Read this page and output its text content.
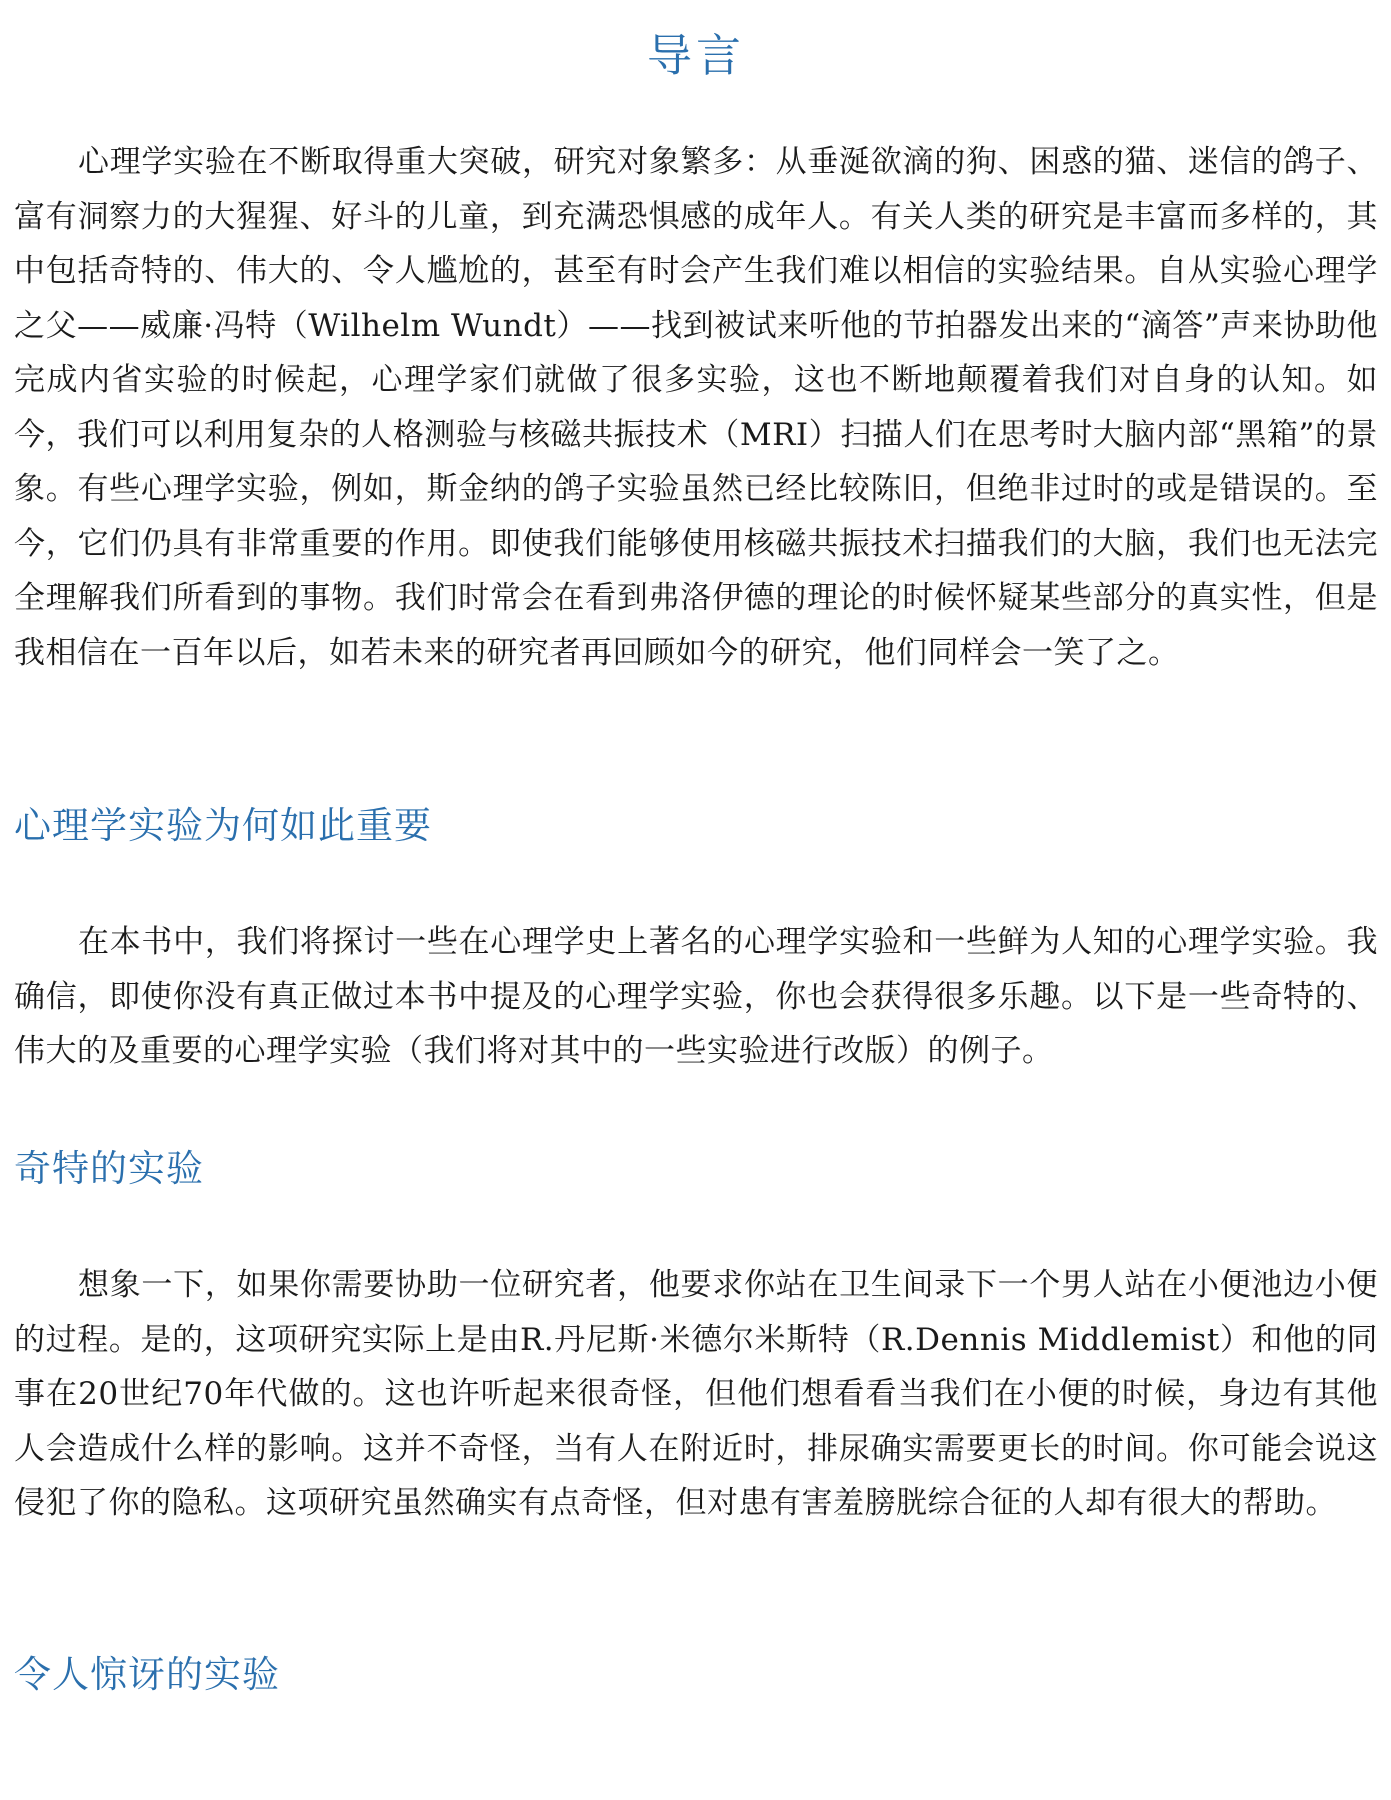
导言

心理学实验在不断取得重大突破，研究对象繁多：从垂涎欲滴的狗、困惑的猫、迷信的鸽子、富有洞察力的大猩猩、好斗的儿童，到充满恐惧感的成年人。有关人类的研究是丰富而多样的，其中包括奇特的、伟大的、令人尴尬的，甚至有时会产生我们难以相信的实验结果。自从实验心理学之父——威廉·冯特（Wilhelm Wundt）——找到被试来听他的节拍器发出来的“滴答”声来协助他完成内省实验的时候起，心理学家们就做了很多实验，这也不断地颠覆着我们对自身的认知。如今，我们可以利用复杂的人格测验与核磁共振技术（MRI）扫描人们在思考时大脑内部“黑箱”的景象。有些心理学实验，例如，斯金纳的鸽子实验虽然已经比较陈旧，但绝非过时的或是错误的。至今，它们仍具有非常重要的作用。即使我们能够使用核磁共振技术扫描我们的大脑，我们也无法完全理解我们所看到的事物。我们时常会在看到弗洛伊德的理论的时候怀疑某些部分的真实性，但是我相信在一百年以后，如若未来的研究者再回顾如今的研究，他们同样会一笑了之。

心理学实验为何如此重要

在本书中，我们将探讨一些在心理学史上著名的心理学实验和一些鲜为人知的心理学实验。我确信，即使你没有真正做过本书中提及的心理学实验，你也会获得很多乐趣。以下是一些奇特的、伟大的及重要的心理学实验（我们将对其中的一些实验进行改版）的例子。

奇特的实验

想象一下，如果你需要协助一位研究者，他要求你站在卫生间录下一个男人站在小便池边小便的过程。是的，这项研究实际上是由R.丹尼斯·米德尔米斯特（R.Dennis Middlemist）和他的同事在20世纪70年代做的。这也许听起来很奇怪，但他们想看看当我们在小便的时候，身边有其他人会造成什么样的影响。这并不奇怪，当有人在附近时，排尿确实需要更长的时间。你可能会说这侵犯了你的隐私。这项研究虽然确实有点奇怪，但对患有害羞膀胱综合征的人却有很大的帮助。

令人惊讶的实验
